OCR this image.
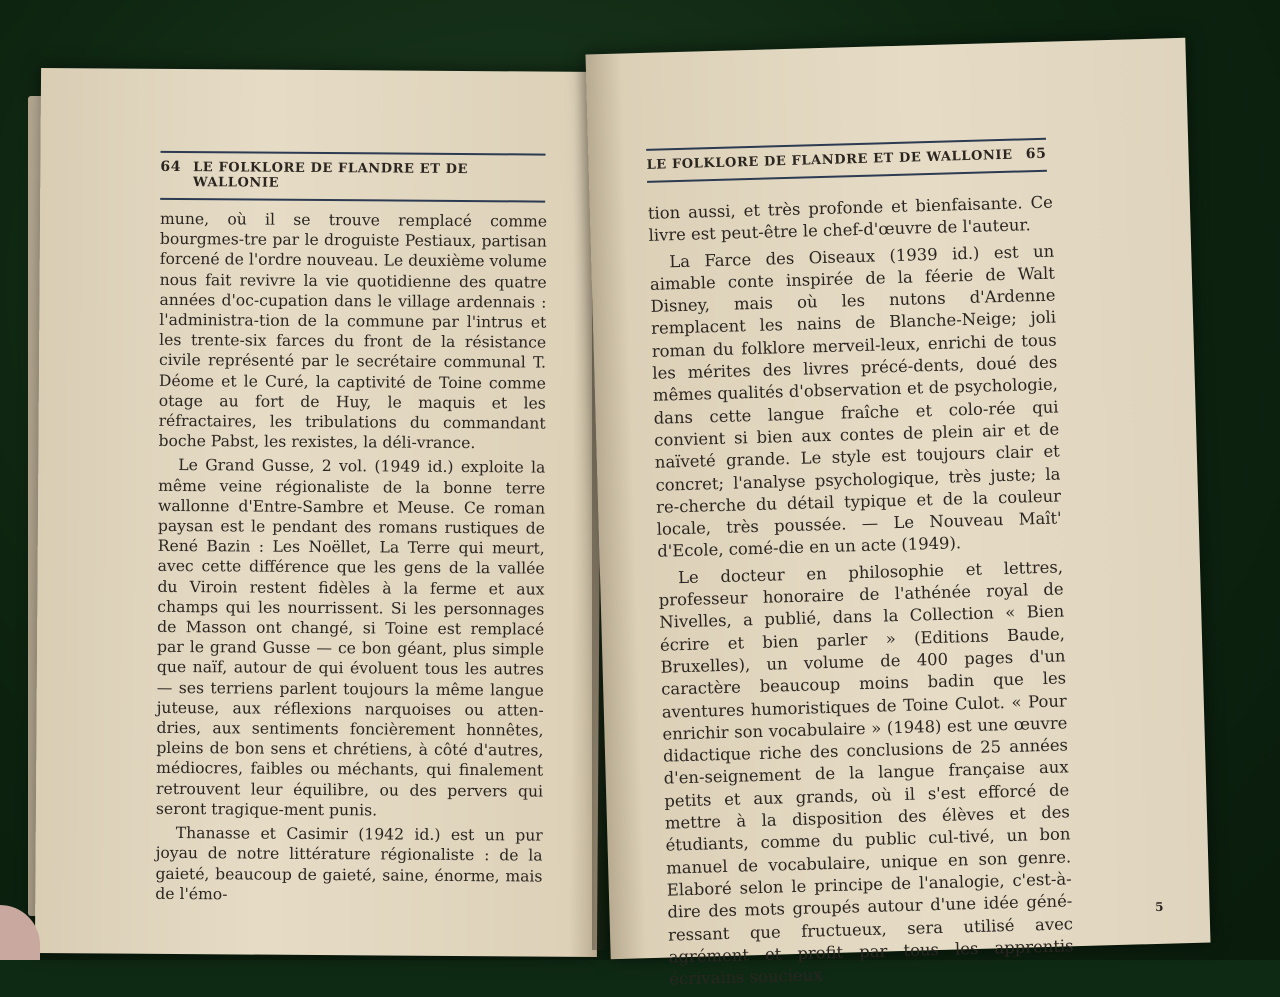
64 LE FOLKLORE DE FLANDRE ET DE WALLONIE

mune, où il se trouve remplacé comme bourgmes-tre par le droguiste Pestiaux, partisan forcené de l'ordre nouveau. Le deuxième volume nous fait revivre la vie quotidienne des quatre années d'oc-cupation dans le village ardennais : l'administra-tion de la commune par l'intrus et les trente-six farces du front de la résistance civile représenté par le secrétaire communal T. Déome et le Curé, la captivité de Toine comme otage au fort de Huy, le maquis et les réfractaires, les tribulations du commandant boche Pabst, les rexistes, la déli-vrance.

Le Grand Gusse, 2 vol. (1949 id.) exploite la même veine régionaliste de la bonne terre wallonne d'Entre-Sambre et Meuse. Ce roman paysan est le pendant des romans rustiques de René Bazin : Les Noëllet, La Terre qui meurt, avec cette différence que les gens de la vallée du Viroin restent fidèles à la ferme et aux champs qui les nourrissent. Si les personnages de Masson ont changé, si Toine est remplacé par le grand Gusse — ce bon géant, plus simple que naïf, autour de qui évoluent tous les autres — ses terriens parlent toujours la même langue juteuse, aux réflexions narquoises ou atten-dries, aux sentiments foncièrement honnêtes, pleins de bon sens et chrétiens, à côté d'autres, médiocres, faibles ou méchants, qui finalement retrouvent leur équilibre, ou des pervers qui seront tragique-ment punis.

Thanasse et Casimir (1942 id.) est un pur joyau de notre littérature régionaliste : de la gaieté, beaucoup de gaieté, saine, énorme, mais de l'émo-

LE FOLKLORE DE FLANDRE ET DE WALLONIE 65

tion aussi, et très profonde et bienfaisante. Ce livre est peut-être le chef-d'œuvre de l'auteur.

La Farce des Oiseaux (1939 id.) est un aimable conte inspirée de la féerie de Walt Disney, mais où les nutons d'Ardenne remplacent les nains de Blanche-Neige; joli roman du folklore merveil-leux, enrichi de tous les mérites des livres précé-dents, doué des mêmes qualités d'observation et de psychologie, dans cette langue fraîche et colo-rée qui convient si bien aux contes de plein air et de naïveté grande. Le style est toujours clair et concret; l'analyse psychologique, très juste; la re-cherche du détail typique et de la couleur locale, très poussée. — Le Nouveau Maît' d'Ecole, comé-die en un acte (1949).

Le docteur en philosophie et lettres, professeur honoraire de l'athénée royal de Nivelles, a publié, dans la Collection « Bien écrire et bien parler » (Editions Baude, Bruxelles), un volume de 400 pages d'un caractère beaucoup moins badin que les aventures humoristiques de Toine Culot. « Pour enrichir son vocabulaire » (1948) est une œuvre didactique riche des conclusions de 25 années d'en-seignement de la langue française aux petits et aux grands, où il s'est efforcé de mettre à la disposition des élèves et des étudiants, comme du public cul-tivé, un bon manuel de vocabulaire, unique en son genre. Elaboré selon le principe de l'analogie, c'est-à-dire des mots groupés autour d'une idée géné-ressant que fructueux, sera utilisé avec agrément et profit par tous les apprentis écrivains soucieux

5
